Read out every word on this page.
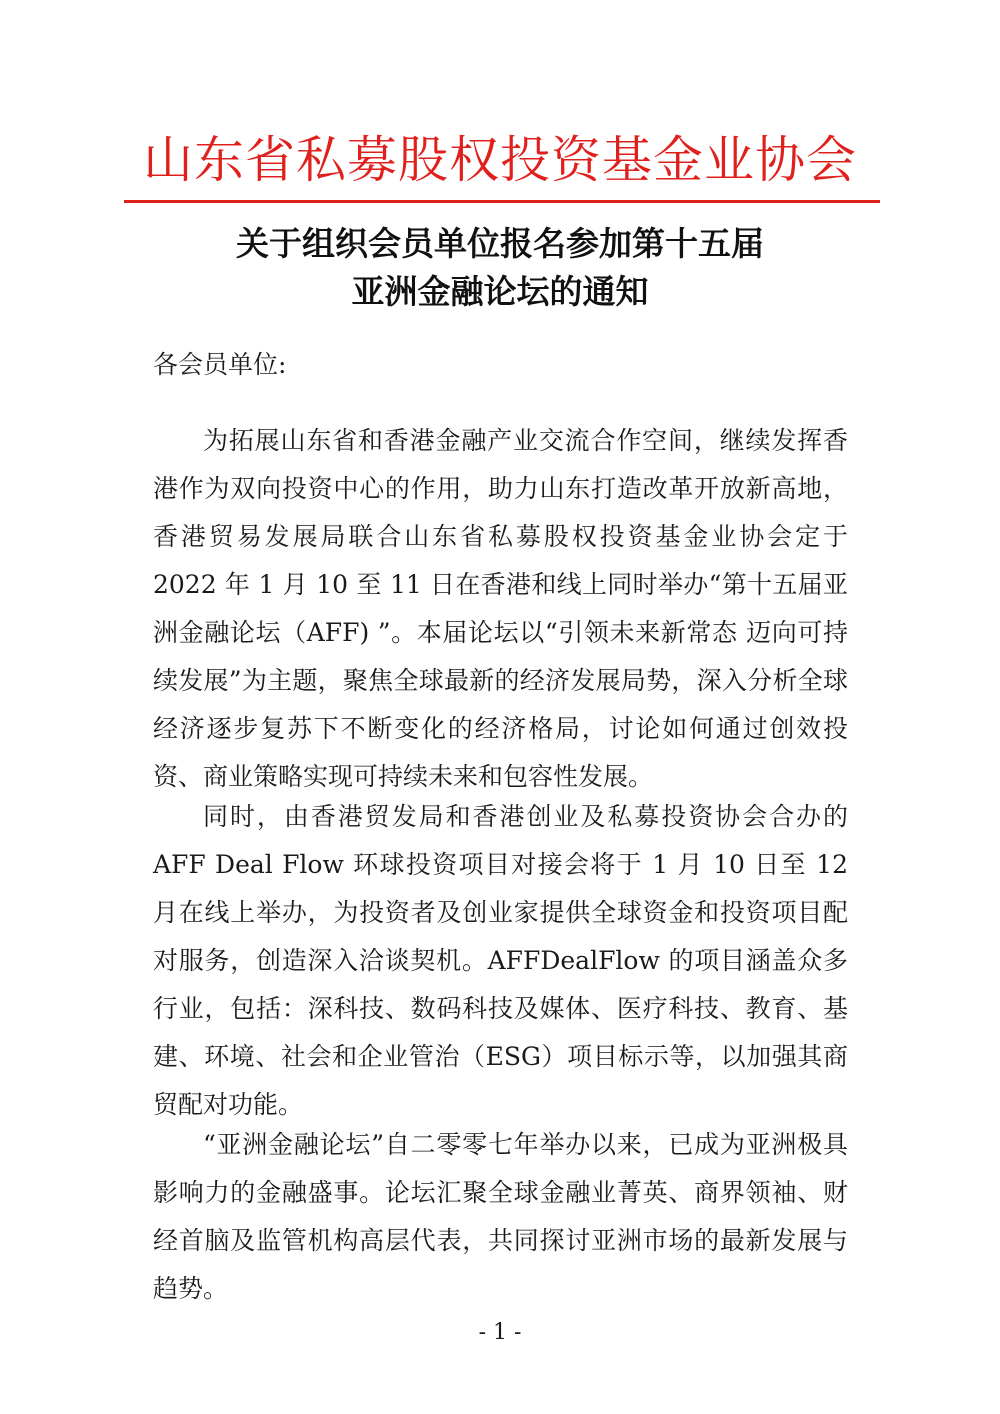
山东省私募股权投资基金业协会
关于组织会员单位报名参加第十五届
亚洲金融论坛的通知
各会员单位:

为拓展山东省和香港金融产业交流合作空间，继续发挥香港作为双向投资中心的作用，助力山东打造改革开放新高地，香港贸易发展局联合山东省私募股权投资基金业协会定于 2022 年 1 月 10 至 11 日在香港和线上同时举办“第十五届亚洲金融论坛（AFF) ”。本届论坛以“引领未来新常态 迈向可持续发展”为主题，聚焦全球最新的经济发展局势，深入分析全球经济逐步复苏下不断变化的经济格局，讨论如何通过创效投资、商业策略实现可持续未来和包容性发展。

同时，由香港贸发局和香港创业及私募投资协会合办的AFF Deal Flow 环球投资项目对接会将于 1 月 10 日至 12 月在线上举办，为投资者及创业家提供全球资金和投资项目配对服务，创造深入洽谈契机。AFFDealFlow 的项目涵盖众多行业，包括：深科技、数码科技及媒体、医疗科技、教育、基建、环境、社会和企业管治（ESG）项目标示等，以加强其商贸配对功能。

“亚洲金融论坛”自二零零七年举办以来，已成为亚洲极具影响力的金融盛事。论坛汇聚全球金融业菁英、商界领袖、财经首脑及监管机构高层代表，共同探讨亚洲市场的最新发展与趋势。

- 1 -
